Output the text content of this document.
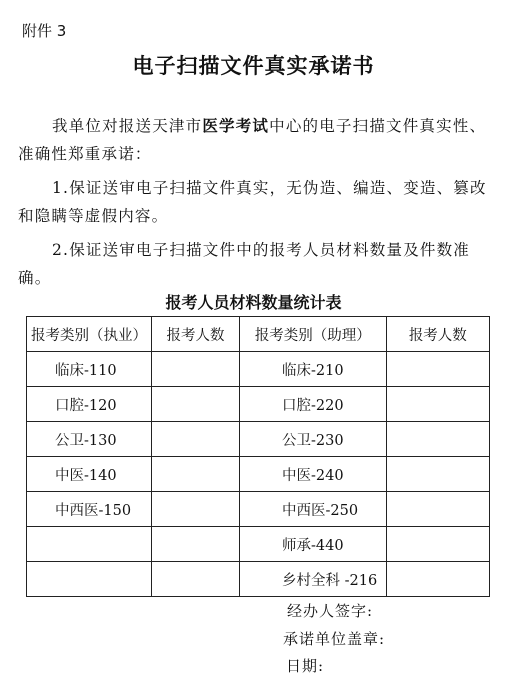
附件 3
电子扫描文件真实承诺书
我单位对报送天津市医学考试中心的电子扫描文件真实性、准确性郑重承诺：
1.保证送审电子扫描文件真实，无伪造、编造、变造、篡改和隐瞒等虚假内容。
2.保证送审电子扫描文件中的报考人员材料数量及件数准确。
报考人员材料数量统计表
报考类别（执业）	报考人数	报考类别（助理）	报考人数
临床-110		临床-210	
口腔-120		口腔-220	
公卫-130		公卫-230	
中医-140		中医-240	
中西医-150		中西医-250	
		师承-440	
		乡村全科 -216	
经办人签字:
承诺单位盖章:
日期:
